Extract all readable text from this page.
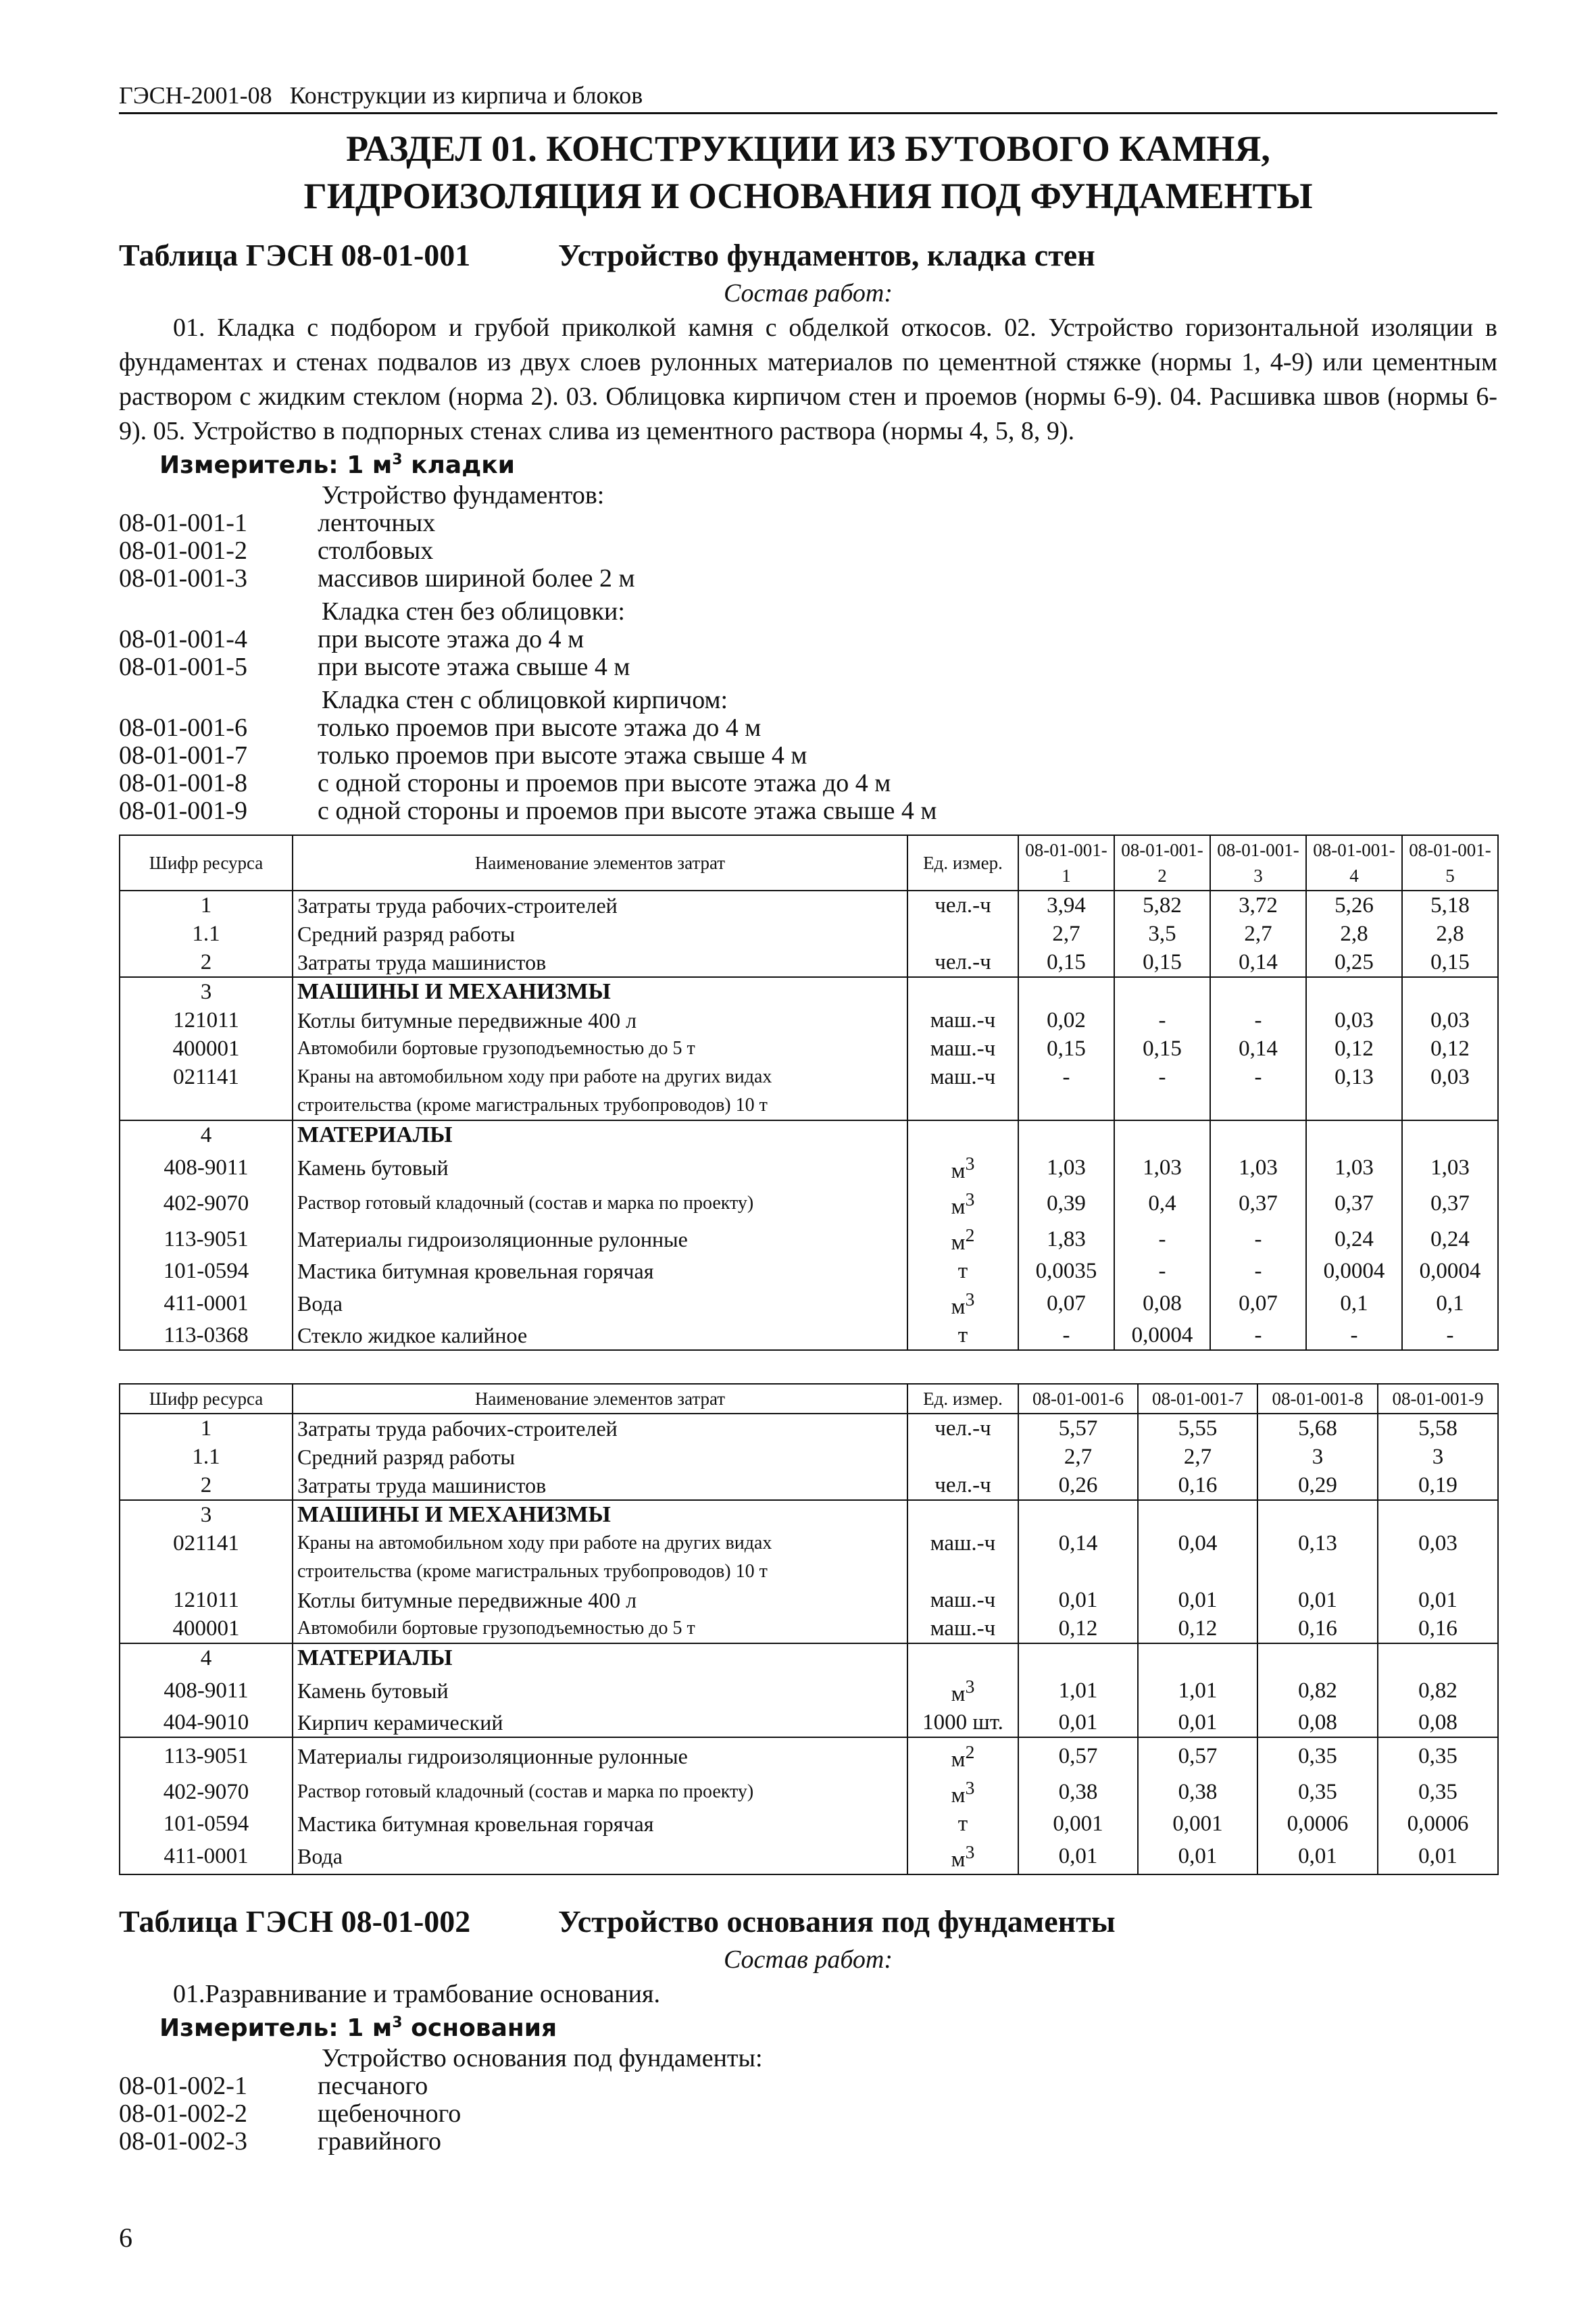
ГЭСН-2001-08 Конструкции из кирпича и блоков
РАЗДЕЛ 01. КОНСТРУКЦИИ ИЗ БУТОВОГО КАМНЯ,
ГИДРОИЗОЛЯЦИЯ И ОСНОВАНИЯ ПОД ФУНДАМЕНТЫ
Таблица ГЭСН 08-01-001	Устройство фундаментов, кладка стен
Состав работ:
01. Кладка с подбором и грубой приколкой камня с обделкой откосов. 02. Устройство горизонтальной изоляции в фундаментах и стенах подвалов из двух слоев рулонных материалов по цементной стяжке (нормы 1, 4-9) или цементным раствором с жидким стеклом (норма 2). 03. Облицовка кирпичом стен и проемов (нормы 6-9). 04. Расшивка швов (нормы 6-9). 05. Устройство в подпорных стенах слива из цементного раствора (нормы 4, 5, 8, 9).
Измеритель: 1 $м^3$ кладки
Устройство фундаментов:
08-01-001-1	ленточных
08-01-001-2	столбовых
08-01-001-3	массивов шириной более 2 м
Кладка стен без облицовки:
08-01-001-4	при высоте этажа до 4 м
08-01-001-5	при высоте этажа свыше 4 м
Кладка стен с облицовкой кирпичом:
08-01-001-6	только проемов при высоте этажа до 4 м
08-01-001-7	только проемов при высоте этажа свыше 4 м
08-01-001-8	с одной стороны и проемов при высоте этажа до 4 м
08-01-001-9	с одной стороны и проемов при высоте этажа свыше 4 м
Шифр ресурса	Наименование элементов затрат	Ед. измер.	08-01-001-1	08-01-001-2	08-01-001-3	08-01-001-4	08-01-001-5
1	Затраты труда рабочих-строителей	чел.-ч	3,94	5,82	3,72	5,26	5,18
1.1	Средний разряд работы		2,7	3,5	2,7	2,8	2,8
2	Затраты труда машинистов	чел.-ч	0,15	0,15	0,14	0,25	0,15
3	МАШИНЫ И МЕХАНИЗМЫ						
121011	Котлы битумные передвижные 400 л	маш.-ч	0,02	-	-	0,03	0,03
400001	Автомобили бортовые грузоподъемностью до 5 т	маш.-ч	0,15	0,15	0,14	0,12	0,12
021141	Краны на автомобильном ходу при работе на других видах	маш.-ч	-	-	-	0,13	0,03
	строительства (кроме магистральных трубопроводов) 10 т						
4	МАТЕРИАЛЫ						
408-9011	Камень бутовый	$м^3$	1,03	1,03	1,03	1,03	1,03
402-9070	Раствор готовый кладочный (состав и марка по проекту)	$м^3$	0,39	0,4	0,37	0,37	0,37
113-9051	Материалы гидроизоляционные рулонные	$м^2$	1,83	-	-	0,24	0,24
101-0594	Мастика битумная кровельная горячая	т	0,0035	-	-	0,0004	0,0004
411-0001	Вода	$м^3$	0,07	0,08	0,07	0,1	0,1
113-0368	Стекло жидкое калийное	т	-	0,0004	-	-	-
Шифр ресурса	Наименование элементов затрат	Ед. измер.	08-01-001-6	08-01-001-7	08-01-001-8	08-01-001-9
1	Затраты труда рабочих-строителей	чел.-ч	5,57	5,55	5,68	5,58
1.1	Средний разряд работы		2,7	2,7	3	3
2	Затраты труда машинистов	чел.-ч	0,26	0,16	0,29	0,19
3	МАШИНЫ И МЕХАНИЗМЫ					
021141	Краны на автомобильном ходу при работе на других видах	маш.-ч	0,14	0,04	0,13	0,03
	строительства (кроме магистральных трубопроводов) 10 т					
121011	Котлы битумные передвижные 400 л	маш.-ч	0,01	0,01	0,01	0,01
400001	Автомобили бортовые грузоподъемностью до 5 т	маш.-ч	0,12	0,12	0,16	0,16
4	МАТЕРИАЛЫ					
408-9011	Камень бутовый	$м^3$	1,01	1,01	0,82	0,82
404-9010	Кирпич керамический	1000 шт.	0,01	0,01	0,08	0,08
113-9051	Материалы гидроизоляционные рулонные	$м^2$	0,57	0,57	0,35	0,35
402-9070	Раствор готовый кладочный (состав и марка по проекту)	$м^3$	0,38	0,38	0,35	0,35
101-0594	Мастика битумная кровельная горячая	т	0,001	0,001	0,0006	0,0006
411-0001	Вода	$м^3$	0,01	0,01	0,01	0,01
Таблица ГЭСН 08-01-002	Устройство основания под фундаменты
Состав работ:
01.Разравнивание и трамбование основания.
Измеритель: 1 $м^3$ основания
Устройство основания под фундаменты:
08-01-002-1	песчаного
08-01-002-2	щебеночного
08-01-002-3	гравийного
6
